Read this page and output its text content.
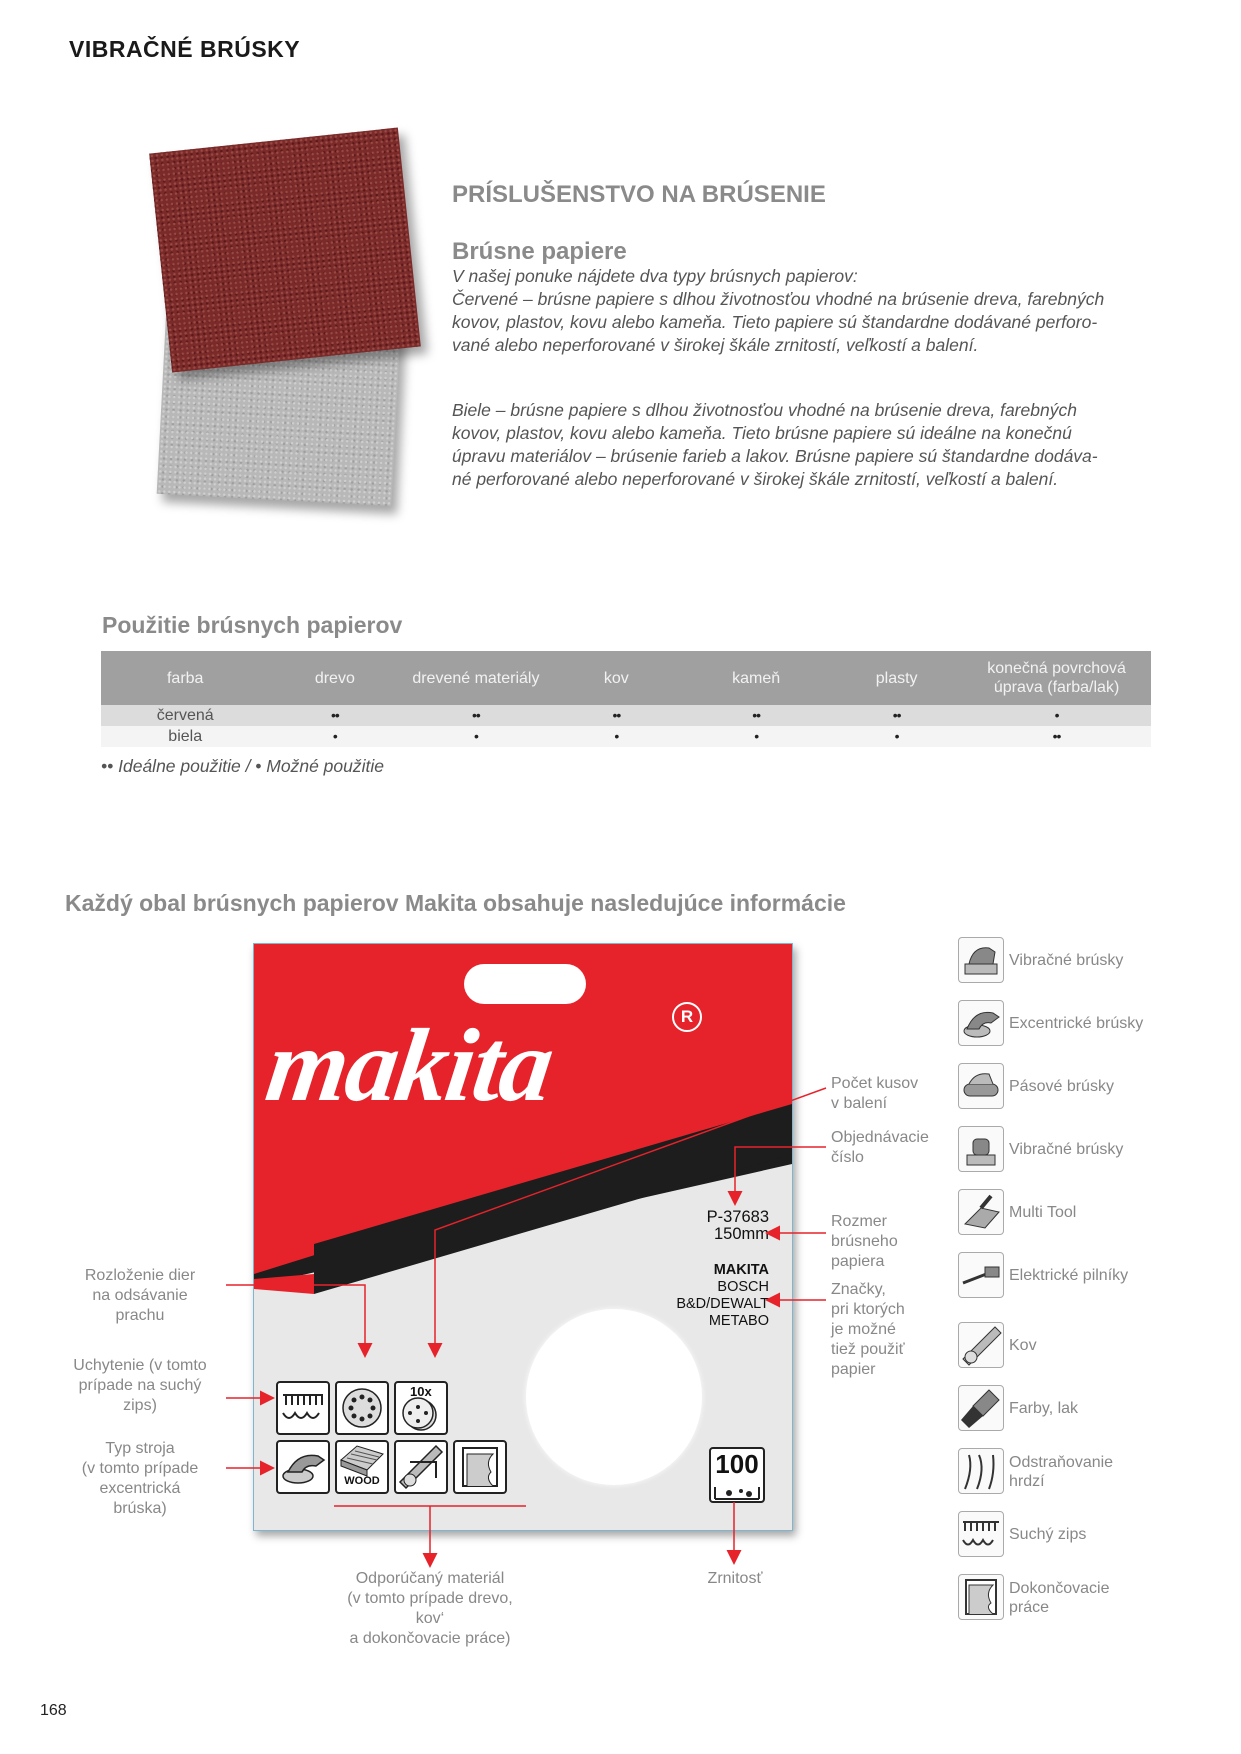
VIBRAČNÉ BRÚSKY
PRÍSLUŠENSTVO NA BRÚSENIE
Brúsne papiere
V našej ponuke nájdete dva typy brúsnych papierov:
Červené – brúsne papiere s dlhou životnosťou vhodné na brúsenie dreva, farebných
kovov, plastov, kovu alebo kameňa. Tieto papiere sú štandardne dodávané perforo-
vané alebo neperforované v širokej škále zrnitostí, veľkostí a balení.
Biele – brúsne papiere s dlhou životnosťou vhodné na brúsenie dreva, farebných
kovov, plastov, kovu alebo kameňa. Tieto brúsne papiere sú ideálne na konečnú
úpravu materiálov – brúsenie farieb a lakov. Brúsne papiere sú štandardne dodáva-
né perforované alebo neperforované v širokej škále zrnitostí, veľkostí a balení.
Použitie brúsnych papierov
farba	drevo	drevené materiály	kov	kameň	plasty	konečná povrchová úprava (farba/lak)
červená	••	••	••	••	••	•
biela	•	•	•	•	•	••
•• Ideálne použitie / • Možné použitie
Každý obal brúsnych papierov Makita obsahuje nasledujúce informácie
makita	R
P-37683
150mm
MAKITA
BOSCH
B&D/DEWALT
METABO
10x
WOOD
100
Počet kusov
v balení
Objednávacie
číslo
Rozmer
brúsneho
papiera
Značky,
pri ktorých
je možné
tiež použiť
papier
Rozloženie dier
na odsávanie
prachu
Uchytenie (v tomto
prípade na suchý
zips)
Typ stroja
(v tomto prípade
excentrická
brúska)
Odporúčaný materiál
(v tomto prípade drevo,
kov‘
a dokončovacie práce)
Zrnitosť
Vibračné brúsky
Excentrické brúsky
Pásové brúsky
Vibračné brúsky
Multi Tool
Elektrické pilníky
Kov
Farby, lak
Odstraňovanie
hrdzí
Suchý zips
Dokončovacie
práce
168
